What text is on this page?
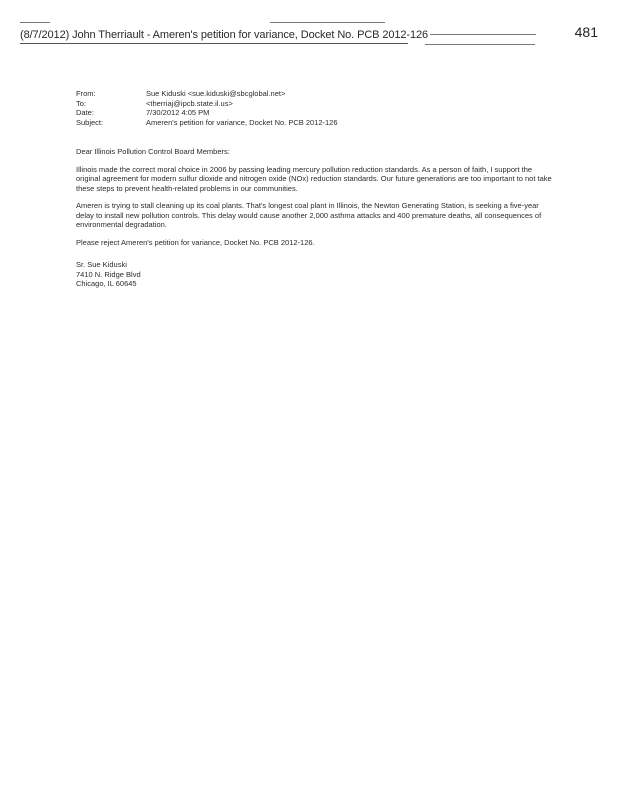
(8/7/2012) John Therriault - Ameren's petition for variance, Docket No. PCB 2012-126	481
From:	Sue Kiduski <sue.kiduski@sbcglobal.net>
To:	<therriaj@ipcb.state.il.us>
Date:	7/30/2012 4:05 PM
Subject:	Ameren's petition for variance, Docket No. PCB 2012-126

Dear Illinois Pollution Control Board Members:

Illinois made the correct moral choice in 2006 by passing leading mercury pollution reduction standards. As a person of faith, I support the original agreement for modern sulfur dioxide and nitrogen oxide (NOx) reduction standards. Our future generations are too important to not take these steps to prevent health-related problems in our communities.

Ameren is trying to stall cleaning up its coal plants. That's longest coal plant in Illinois, the Newton Generating Station, is seeking a five-year delay to install new pollution controls. This delay would cause another 2,000 asthma attacks and 400 premature deaths, all consequences of environmental degradation.

Please reject Ameren's petition for variance, Docket No. PCB 2012-126.

Sr. Sue Kiduski
7410 N. Ridge Blvd
Chicago, IL 60645
